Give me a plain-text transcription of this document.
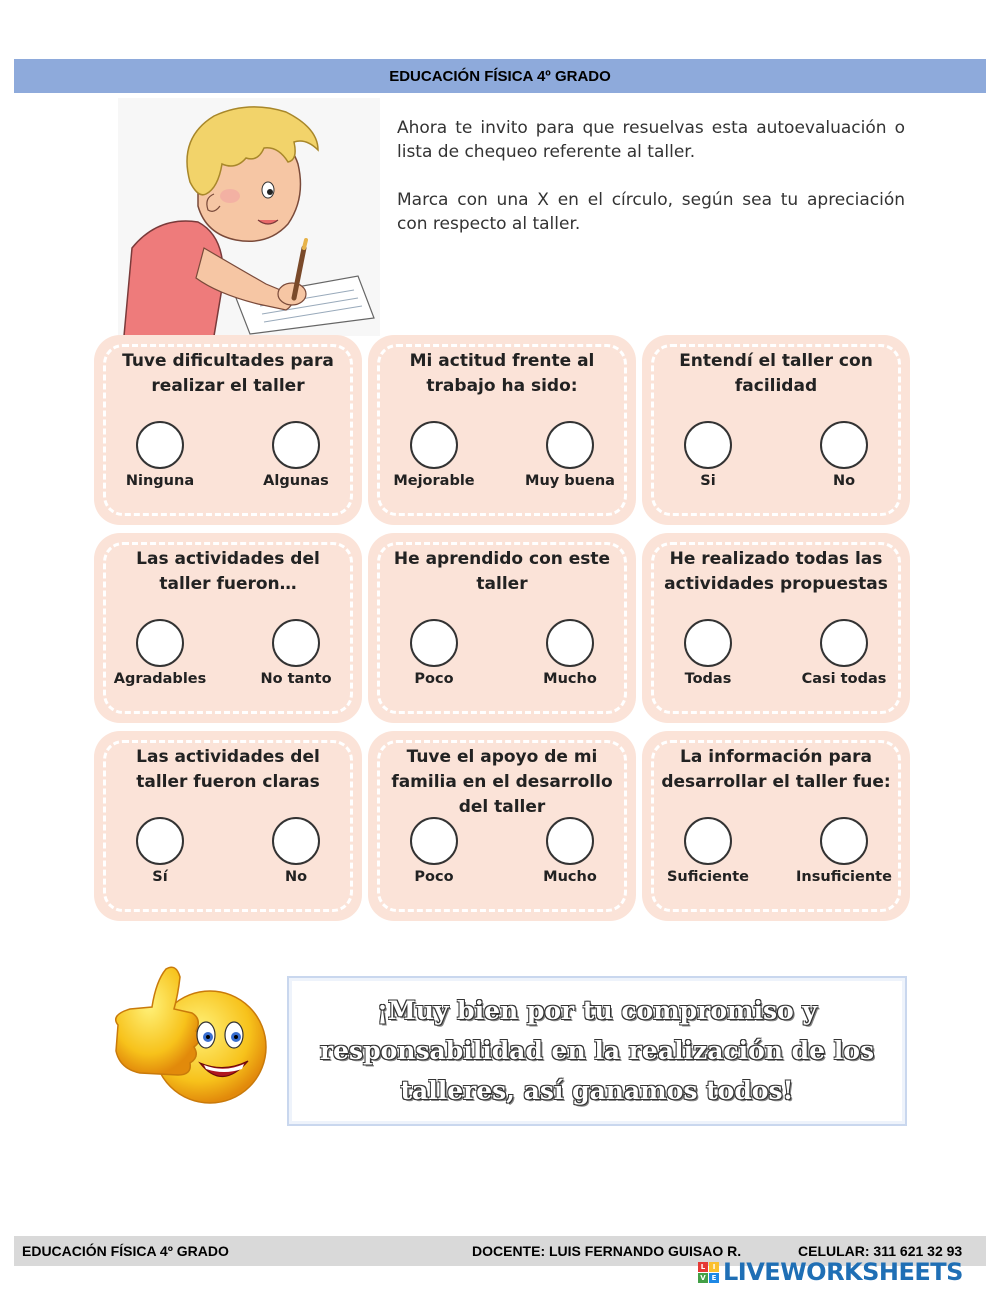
EDUCACIÓN FÍSICA 4º GRADO

Ahora te invito para que resuelvas esta autoevaluación o lista de chequeo referente al taller.

Marca con una X en el círculo, según sea tu apreciación con respecto al taller.

Tuve dificultades para realizar el taller
Ninguna	Algunas
Mi actitud frente al trabajo ha sido:
Mejorable	Muy buena
Entendí el taller con facilidad
Si	No
Las actividades del taller fueron…
Agradables	No tanto
He aprendido con este taller
Poco	Mucho
He realizado todas las actividades propuestas
Todas	Casi todas
Las actividades del taller fueron claras
Sí	No
Tuve el apoyo de mi familia en el desarrollo del taller
Poco	Mucho
La información para desarrollar el taller fue:
Suficiente	Insuficiente

¡Muy bien por tu compromiso y responsabilidad en la realización de los talleres, así ganamos todos!

EDUCACIÓN FÍSICA 4º GRADO	DOCENTE: LUIS FERNANDO GUISAO R.	CELULAR: 311 621 32 93
L	I
V E LIVEWORKSHEETS
